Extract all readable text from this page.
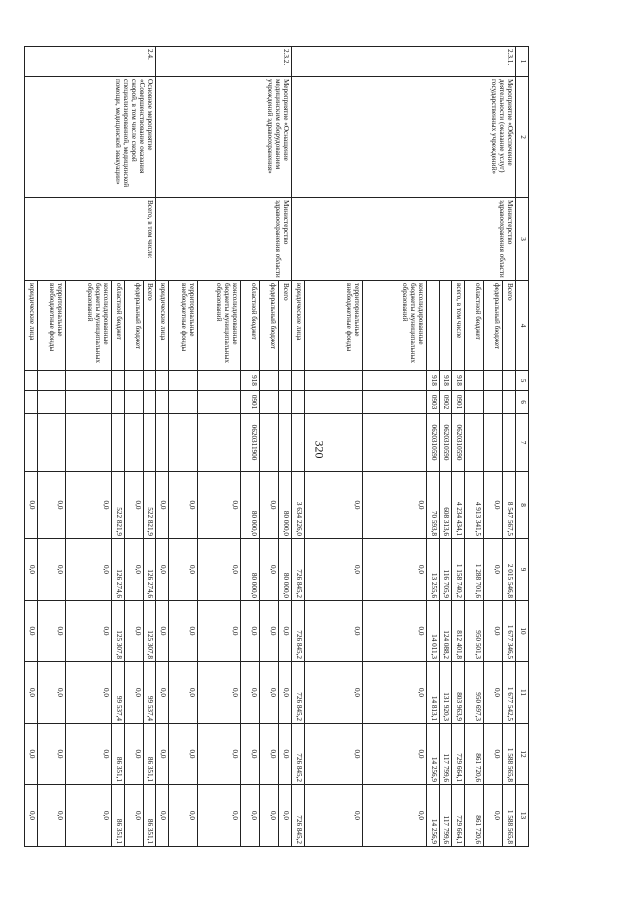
320
1	2	3	4	5	6	7	8	9	10	11	12	13
2.3.1.	Мероприятие «Обеспечение деятельности (оказание услуг) государственных учреждений»	Министерство здравоохранения области	Всего				8 547 567,5	2 015 546,8	1 677 346,5	1 677 542,5	1 588 565,8	1 588 565,8
			федеральный бюджет				0,0	0,0	0,0	0,0	0,0	0,0
			областной бюджет				4 913 341,5	1 288 701,6	950 501,3	950 697,3	861 720,6	861 720,6
			всего, в том числе	918	0901	0620310590	4 234 434,1	1 158 740,2	812 401,8	803 963,9	729 664,1	729 664,1
				918	0902	0620310590	608 313,6	116 705,9	124 088,2	131 920,3	117 799,6	117 799,6
				918	0903	0620310590	70 593,8	13 255,6	14 011,3	14 813,1	14 256,9	14 256,9
			консолидированные бюджеты муниципальных образований				0,0	0,0	0,0	0,0	0,0	0,0
			территориальные внебюджетные фонды				0,0	0,0	0,0	0,0	0,0	0,0
			юридические лица				3 634 226,0	726 845,2	726 845,2	726 845,2	726 845,2	726 845,2
2.3.2.	Мероприятие «Оснащение медицинским оборудованием учреждений здравоохранения»	Министерство здравоохранения области	Всего				80 000,0	80 000,0	0,0	0,0	0,0	0,0
			федеральный бюджет				0,0	0,0	0,0	0,0	0,0	0,0
			областной бюджет	918	0901	0620311900	80 000,0	80 000,0	0,0	0,0	0,0	0,0
			консолидированные бюджеты муниципальных образований				0,0	0,0	0,0	0,0	0,0	0,0
			территориальные внебюджетные фонды				0,0	0,0	0,0	0,0	0,0	0,0
			юридические лица				0,0	0,0	0,0	0,0	0,0	0,0
2.4.	Основное мероприятие «Совершенствование оказания скорой, в том числе скорой специализированной, медицинской помощи, медицинской эвакуации»	Всего, в том числе:	Всего				522 821,9	126 274,6	125 307,8	99 537,4	86 351,1	86 351,1
			федеральный бюджет				0,0	0,0	0,0	0,0	0,0	0,0
			областной бюджет				522 821,9	126 274,6	125 307,8	99 537,4	86 351,1	86 351,1
			консолидированные бюджеты муниципальных образований				0,0	0,0	0,0	0,0	0,0	0,0
			территориальные внебюджетные фонды				0,0	0,0	0,0	0,0	0,0	0,0
			юридические лица				0,0	0,0	0,0	0,0	0,0	0,0
